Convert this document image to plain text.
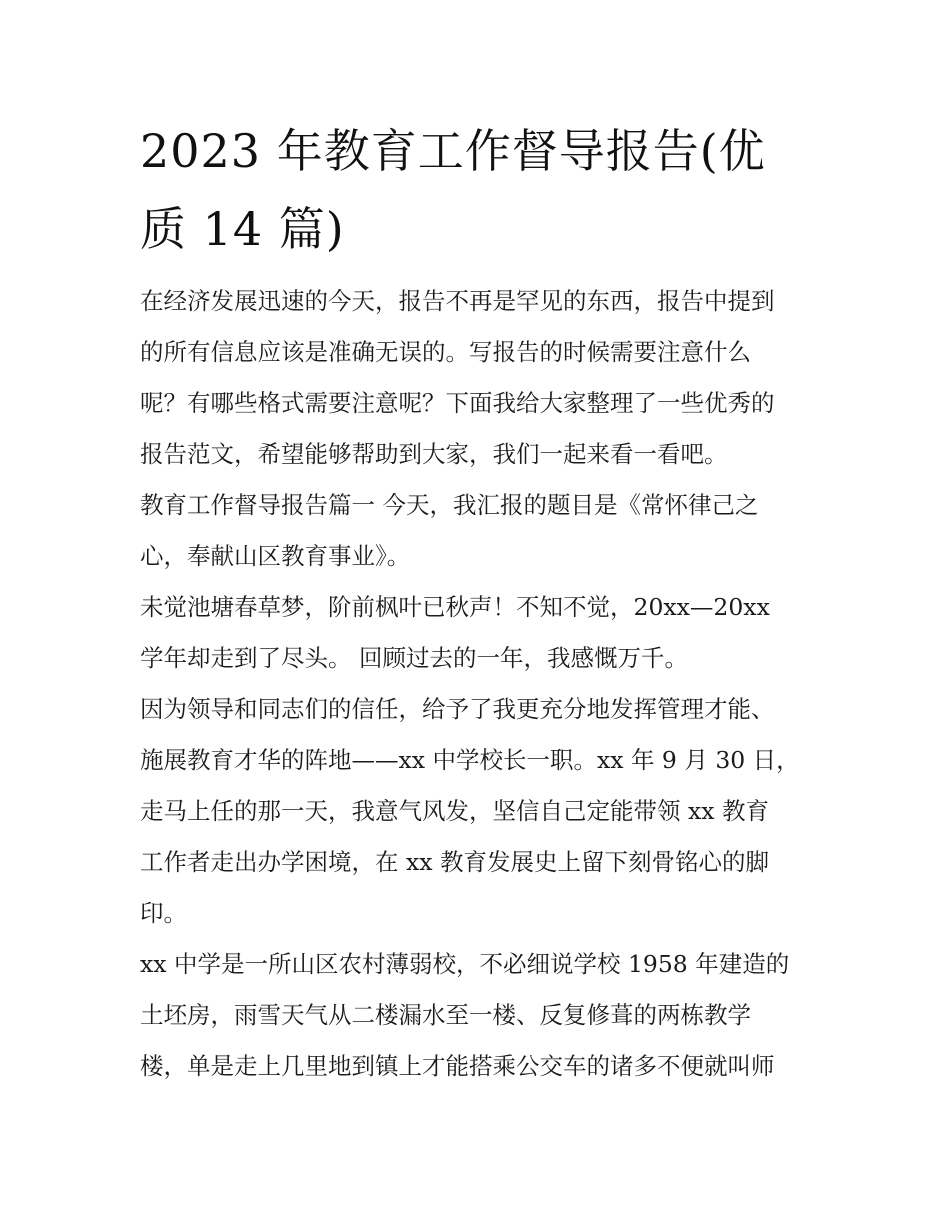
2023 年教育工作督导报告(优
质 14 篇)
在经济发展迅速的今天，报告不再是罕见的东西，报告中提到
的所有信息应该是准确无误的。写报告的时候需要注意什么
呢？有哪些格式需要注意呢？下面我给大家整理了一些优秀的
报告范文，希望能够帮助到大家，我们一起来看一看吧。
教育工作督导报告篇一 今天，我汇报的题目是《常怀律己之
心，奉献山区教育事业》。
未觉池塘春草梦，阶前枫叶已秋声！不知不觉，20xx—20xx
学年却走到了尽头。 回顾过去的一年，我感慨万千。
因为领导和同志们的信任，给予了我更充分地发挥管理才能、
施展教育才华的阵地——xx 中学校长一职。xx 年 9 月 30 日，
走马上任的那一天，我意气风发，坚信自己定能带领 xx 教育
工作者走出办学困境，在 xx 教育发展史上留下刻骨铭心的脚
印。
xx 中学是一所山区农村薄弱校，不必细说学校 1958 年建造的
土坯房，雨雪天气从二楼漏水至一楼、反复修葺的两栋教学
楼，单是走上几里地到镇上才能搭乘公交车的诸多不便就叫师
